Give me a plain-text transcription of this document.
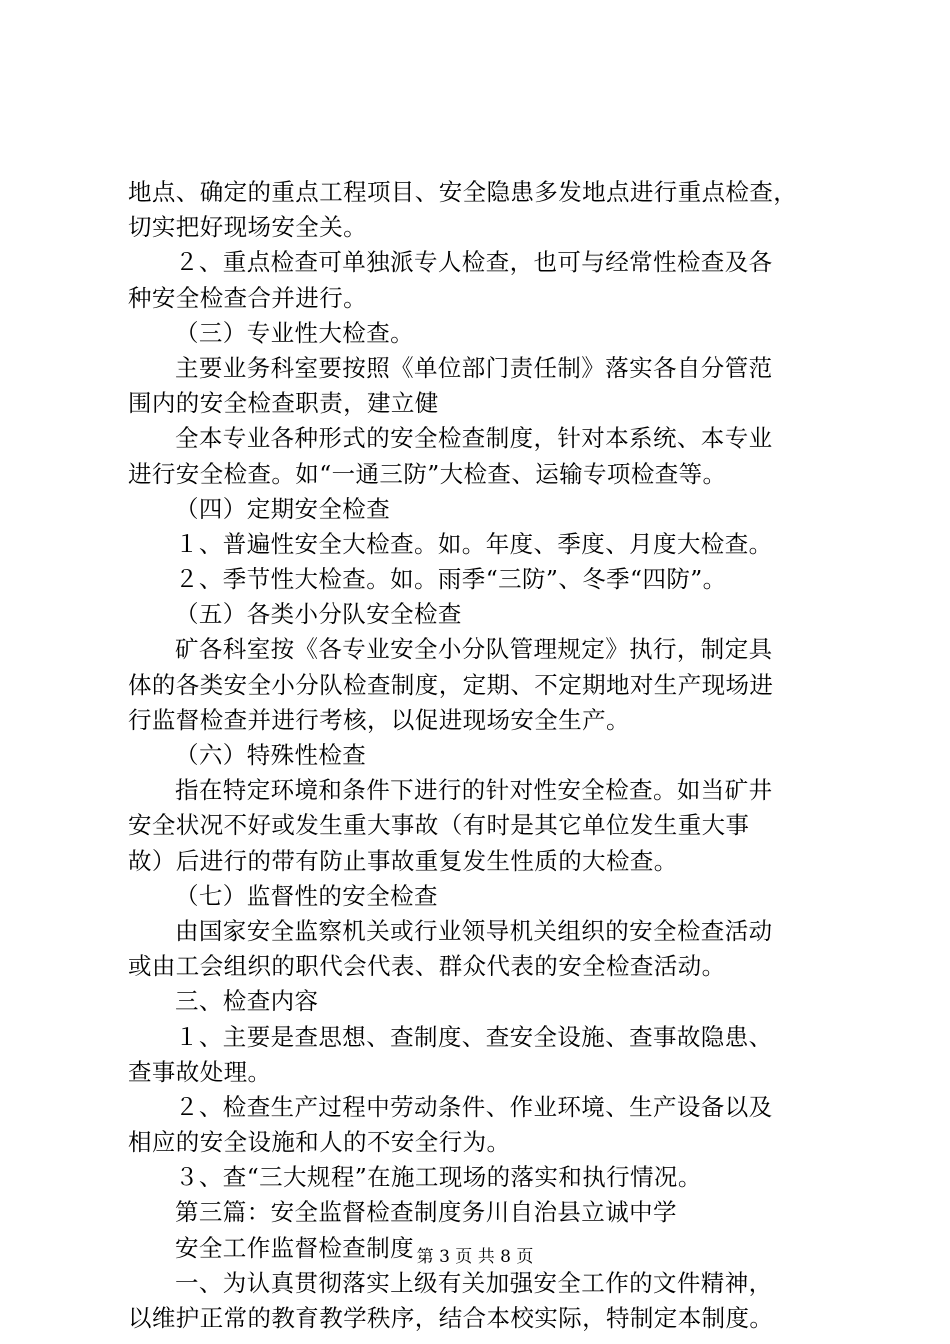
地点、确定的重点工程项目、安全隐患多发地点进行重点检查，
切实把好现场安全关。
２、重点检查可单独派专人检查，也可与经常性检查及各
种安全检查合并进行。
（三）专业性大检查。
主要业务科室要按照《单位部门责任制》落实各自分管范
围内的安全检查职责，建立健
全本专业各种形式的安全检查制度，针对本系统、本专业
进行安全检查。如“一通三防”大检查、运输专项检查等。
（四）定期安全检查
１、普遍性安全大检查。如。年度、季度、月度大检查。
２、季节性大检查。如。雨季“三防”、冬季“四防”。
（五）各类小分队安全检查
矿各科室按《各专业安全小分队管理规定》执行，制定具
体的各类安全小分队检查制度，定期、不定期地对生产现场进
行监督检查并进行考核，以促进现场安全生产。
（六）特殊性检查
指在特定环境和条件下进行的针对性安全检查。如当矿井
安全状况不好或发生重大事故（有时是其它单位发生重大事
故）后进行的带有防止事故重复发生性质的大检查。
（七）监督性的安全检查
由国家安全监察机关或行业领导机关组织的安全检查活动
或由工会组织的职代会代表、群众代表的安全检查活动。
三、检查内容
１、主要是查思想、查制度、查安全设施、查事故隐患、
查事故处理。
２、检查生产过程中劳动条件、作业环境、生产设备以及
相应的安全设施和人的不安全行为。
３、查“三大规程”在施工现场的落实和执行情况。
第三篇：安全监督检查制度务川自治县立诚中学
安全工作监督检查制度
一、为认真贯彻落实上级有关加强安全工作的文件精神，
以维护正常的教育教学秩序，结合本校实际，特制定本制度。
第 3 页 共 8 页
